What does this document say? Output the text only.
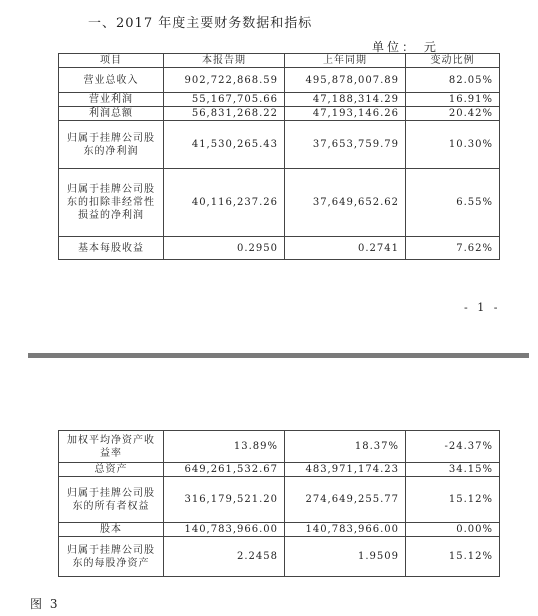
一、2017 年度主要财务数据和指标
单位： 元
项目	本报告期	上年同期	变动比例
营业总收入	902,722,868.59	495,878,007.89	82.05%
营业利润	55,167,705.66	47,188,314.29	16.91%
利润总额	56,831,268.22	47,193,146.26	20.42%
归属于挂牌公司股东的净利润	41,530,265.43	37,653,759.79	10.30%
归属于挂牌公司股东的扣除非经常性损益的净利润	40,116,237.26	37,649,652.62	6.55%
基本每股收益	0.2950	0.2741	7.62%
- 1 -
加权平均净资产收益率	13.89%	18.37%	-24.37%
总资产	649,261,532.67	483,971,174.23	34.15%
归属于挂牌公司股东的所有者权益	316,179,521.20	274,649,255.77	15.12%
股本	140,783,966.00	140,783,966.00	0.00%
归属于挂牌公司股东的每股净资产	2.2458	1.9509	15.12%
图 3
